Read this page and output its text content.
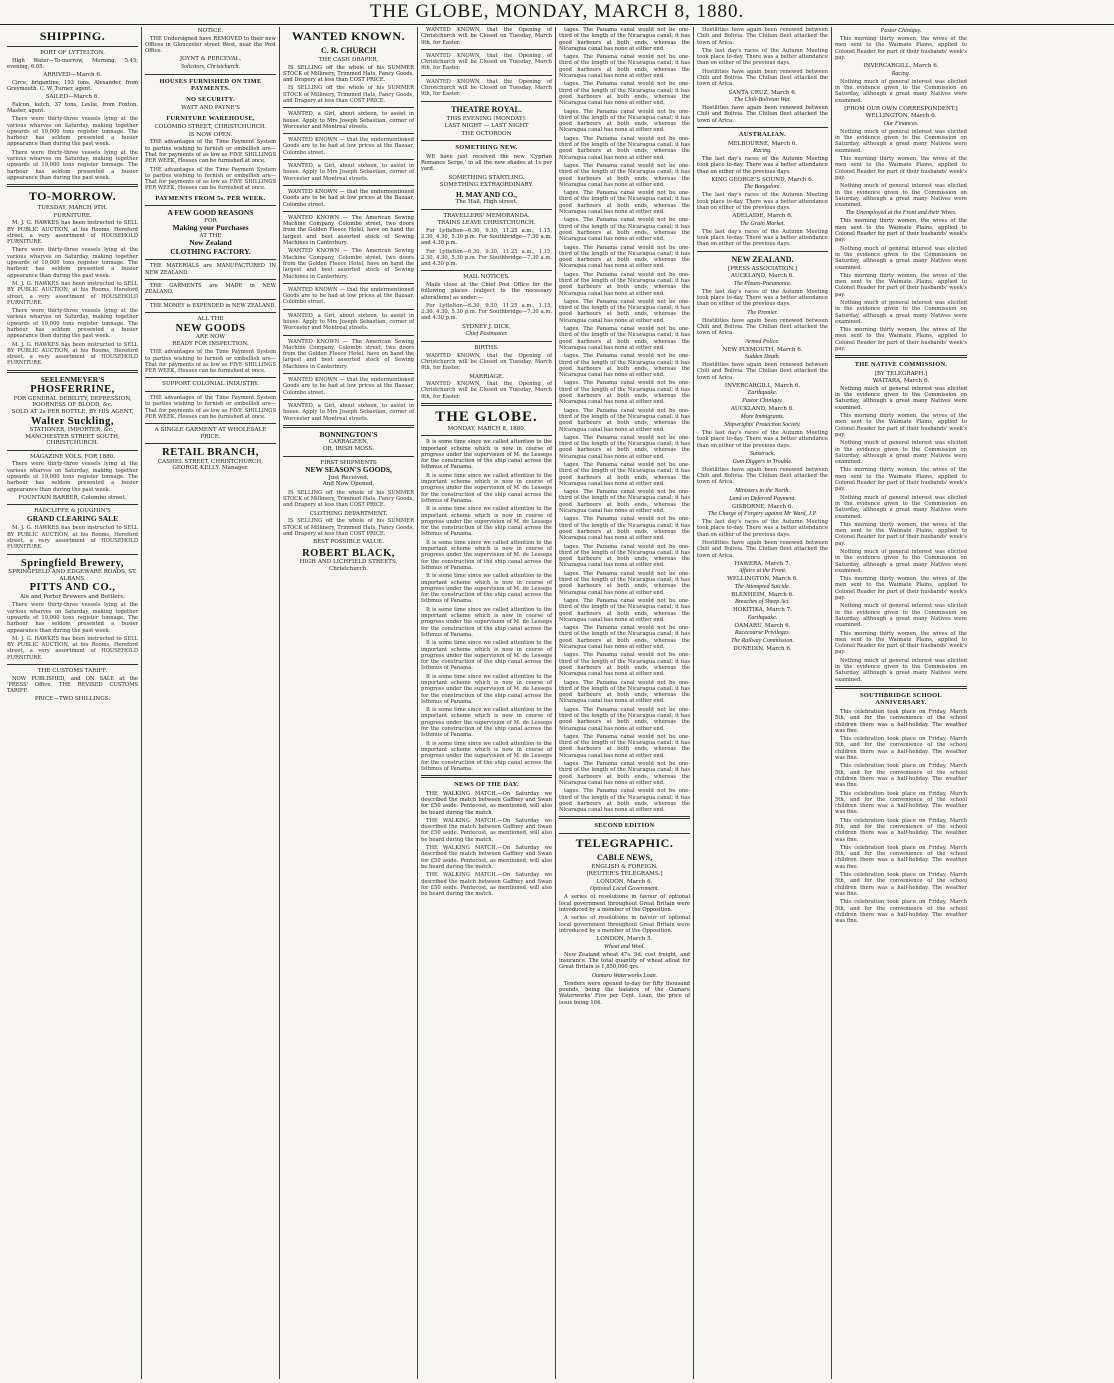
THE GLOBE, MONDAY, MARCH 8, 1880.
SHIPPING.
PORT OF LYTTELTON.

High Water—To-morrow, Morning, 5.45; evening, 6.05.

ARRIVED—March 6.

Circe, brigantine, 193 tons, Alexander, from Greymouth. C. W. Turner, agent.

SAILED—March 6.

Falcon, ketch, 37 tons, Leslie, from Foxton. Master, agent.

There were thirty-three vessels lying at the various wharves on Saturday, making together upwards of 19,000 tons register tonnage. The harbour has seldom presented a busier appearance than during the past week.

There were thirty-three vessels lying at the various wharves on Saturday, making together upwards of 19,000 tons register tonnage. The harbour has seldom presented a busier appearance than during the past week.

TO-MORROW.
TUESDAY, MARCH 9TH.
FURNITURE.

M. J. G. HAWKES has been instructed to SELL BY PUBLIC AUCTION, at his Rooms, Hereford street, a very assortment of HOUSEHOLD FURNITURE.

There were thirty-three vessels lying at the various wharves on Saturday, making together upwards of 19,000 tons register tonnage. The harbour has seldom presented a busier appearance than during the past week.

M. J. G. HAWKES has been instructed to SELL BY PUBLIC AUCTION, at his Rooms, Hereford street, a very assortment of HOUSEHOLD FURNITURE.

There were thirty-three vessels lying at the various wharves on Saturday, making together upwards of 19,000 tons register tonnage. The harbour has seldom presented a busier appearance than during the past week.

M. J. G. HAWKES has been instructed to SELL BY PUBLIC AUCTION, at his Rooms, Hereford street, a very assortment of HOUSEHOLD FURNITURE.

SEELENMEYER'S
PHOSFERRINE,
FOR GENERAL DEBILITY, DEPRESSION, POORNESS OF BLOOD, &c.
SOLD AT 2s PER BOTTLE, BY HIS AGENT,
Walter Suckling,
STATIONER, IMPORTER, &c., MANCHESTER STREET SOUTH, CHRISTCHURCH.
MAGAZINE VOLS. FOR 1880.

There were thirty-three vessels lying at the various wharves on Saturday, making together upwards of 19,000 tons register tonnage. The harbour has seldom presented a busier appearance than during the past week.

FOUNTAIN BARBER, Colombo street.
RADCLIFFE & JOUGHIN'S
GRAND CLEARING SALE

M. J. G. HAWKES has been instructed to SELL BY PUBLIC AUCTION, at his Rooms, Hereford street, a very assortment of HOUSEHOLD FURNITURE.

Springfield Brewery,
SPRINGFIELD AND EDGEWARE ROADS, ST. ALBANS.
PITTS AND CO.,
Ale and Porter Brewers and Bottlers.

There were thirty-three vessels lying at the various wharves on Saturday, making together upwards of 19,000 tons register tonnage. The harbour has seldom presented a busier appearance than during the past week.

M. J. G. HAWKES has been instructed to SELL BY PUBLIC AUCTION, at his Rooms, Hereford street, a very assortment of HOUSEHOLD FURNITURE.

THE CUSTOMS TARIFF.

NOW PUBLISHED, and ON SALE at the 'PRESS' Office, THE REVISED CUSTOMS TARIFF.

PRICE—TWO SHILLINGS.
NOTICE.

THE Undersigned have REMOVED to their new Offices in Gloucester street West, near the Post Office.

JOYNT & PERCEVAL,
Solicitors, Christchurch.
HOUSES FURNISHED ON TIME PAYMENTS.
NO SECURITY.
WATT AND PAYNE'S
FURNITURE WAREHOUSE,
COLOMBO STREET, CHRISTCHURCH.
IS NOW OPEN.

THE advantages of the Time Payment System to parties wishing to furnish or embellish are—That for payments of as low as FIVE SHILLINGS PER WEEK, Houses can be furnished at once.

THE advantages of the Time Payment System to parties wishing to furnish or embellish are—That for payments of as low as FIVE SHILLINGS PER WEEK, Houses can be furnished at once.

PAYMENTS FROM 5s. PER WEEK.
A FEW GOOD REASONS
FOR
Making your Purchases
AT THE
New Zealand
CLOTHING FACTORY.

THE MATERIALS are MANUFACTURED IN NEW ZEALAND.

THE GARMENTS are MADE in NEW ZEALAND.

THE MONEY is EXPENDED in NEW ZEALAND.

ALL THE
NEW GOODS
ARE NOW
READY FOR INSPECTION.

THE advantages of the Time Payment System to parties wishing to furnish or embellish are—That for payments of as low as FIVE SHILLINGS PER WEEK, Houses can be furnished at once.

SUPPORT COLONIAL INDUSTRY.

THE advantages of the Time Payment System to parties wishing to furnish or embellish are—That for payments of as low as FIVE SHILLINGS PER WEEK, Houses can be furnished at once.

A SINGLE GARMENT AT WHOLESALE PRICE.
RETAIL BRANCH,
CASHEL STREET, CHRISTCHURCH,
GEORGE KELLY, Manager.
WANTED KNOWN.
C. R. CHURCH
THE CASH DRAPER,

IS SELLING off the whole of his SUMMER STOCK of Millinery, Trimmed Hats, Fancy Goods, and Drapery at less than COST PRICE.

IS SELLING off the whole of his SUMMER STOCK of Millinery, Trimmed Hats, Fancy Goods, and Drapery at less than COST PRICE.

WANTED, a Girl, about sixteen, to assist in house. Apply to Mrs Joseph Sebastian, corner of Worcester and Montreal streets.

WANTED KNOWN — that the undermentioned Goods are to be had at low prices at the Bazaar, Colombo street.

WANTED, a Girl, about sixteen, to assist in house. Apply to Mrs Joseph Sebastian, corner of Worcester and Montreal streets.

WANTED KNOWN — that the undermentioned Goods are to be had at low prices at the Bazaar, Colombo street.

WANTED KNOWN — The American Sewing Machine Company, Colombo street, two doors from the Golden Fleece Hotel, have on hand the largest and best assorted stock of Sewing Machines in Canterbury.

WANTED KNOWN — The American Sewing Machine Company, Colombo street, two doors from the Golden Fleece Hotel, have on hand the largest and best assorted stock of Sewing Machines in Canterbury.

WANTED KNOWN — that the undermentioned Goods are to be had at low prices at the Bazaar, Colombo street.

WANTED, a Girl, about sixteen, to assist in house. Apply to Mrs Joseph Sebastian, corner of Worcester and Montreal streets.

WANTED KNOWN — The American Sewing Machine Company, Colombo street, two doors from the Golden Fleece Hotel, have on hand the largest and best assorted stock of Sewing Machines in Canterbury.

WANTED KNOWN — that the undermentioned Goods are to be had at low prices at the Bazaar, Colombo street.

WANTED, a Girl, about sixteen, to assist in house. Apply to Mrs Joseph Sebastian, corner of Worcester and Montreal streets.

BONNINGTON'S
CARRAGEEN,
OR, IRISH MOSS.
FIRST SHIPMENTS
NEW SEASON'S GOODS,
Just Received,
And Now Opened,

IS SELLING off the whole of his SUMMER STOCK of Millinery, Trimmed Hats, Fancy Goods, and Drapery at less than COST PRICE.

CLOTHING DEPARTMENT.

IS SELLING off the whole of his SUMMER STOCK of Millinery, Trimmed Hats, Fancy Goods, and Drapery at less than COST PRICE.

BEST POSSIBLE VALUE.
ROBERT BLACK,
HIGH AND LICHFIELD STREETS, Christchurch.

WANTED KNOWN, that the Opening of Christchurch will be Closed on Tuesday, March 9th, for Easter.

WANTED KNOWN, that the Opening of Christchurch will be Closed on Tuesday, March 9th, for Easter.

WANTED KNOWN, that the Opening of Christchurch will be Closed on Tuesday, March 9th, for Easter.

THEATRE ROYAL.
THIS EVENING (MONDAY).
LAST NIGHT — LAST NIGHT
THE OCTOROON
SOMETHING NEW.

WE have just received the new 'Cyprian Romance Serge,' in all the new shades at 1s per yard.

SOMETHING STARTLING.
SOMETHING EXTRAORDINARY.
H. MAY AND CO.,
The Hall, High street.
TRAVELLERS' MEMORANDA.
TRAINS LEAVE CHRISTCHURCH.

For Lyttelton—6.30, 9.30, 11.25 a.m., 1.15, 2.30, 4.30, 5.30 p.m. For Southbridge—7.30 a.m. and 4.30 p.m.

For Lyttelton—6.30, 9.30, 11.25 a.m., 1.15, 2.30, 4.30, 5.30 p.m. For Southbridge—7.30 a.m. and 4.30 p.m.

MAIL NOTICES.

Mails close at the Chief Post Office for the following places (subject to the necessary alterations) as under:—

For Lyttelton—6.30, 9.30, 11.25 a.m., 1.15, 2.30, 4.30, 5.30 p.m. For Southbridge—7.30 a.m. and 4.30 p.m.

SYDNEY J. DICK,
Chief Postmaster.
BIRTHS.

WANTED KNOWN, that the Opening of Christchurch will be Closed on Tuesday, March 9th, for Easter.

MARRIAGE.

WANTED KNOWN, that the Opening of Christchurch will be Closed on Tuesday, March 9th, for Easter.

THE GLOBE.
MONDAY, MARCH 8, 1880.

It is some time since we called attention to the important scheme which is now in course of progress under the supervision of M. de Lesseps for the construction of the ship canal across the Isthmus of Panama.

It is some time since we called attention to the important scheme which is now in course of progress under the supervision of M. de Lesseps for the construction of the ship canal across the Isthmus of Panama.

It is some time since we called attention to the important scheme which is now in course of progress under the supervision of M. de Lesseps for the construction of the ship canal across the Isthmus of Panama.

It is some time since we called attention to the important scheme which is now in course of progress under the supervision of M. de Lesseps for the construction of the ship canal across the Isthmus of Panama.

It is some time since we called attention to the important scheme which is now in course of progress under the supervision of M. de Lesseps for the construction of the ship canal across the Isthmus of Panama.

It is some time since we called attention to the important scheme which is now in course of progress under the supervision of M. de Lesseps for the construction of the ship canal across the Isthmus of Panama.

It is some time since we called attention to the important scheme which is now in course of progress under the supervision of M. de Lesseps for the construction of the ship canal across the Isthmus of Panama.

It is some time since we called attention to the important scheme which is now in course of progress under the supervision of M. de Lesseps for the construction of the ship canal across the Isthmus of Panama.

It is some time since we called attention to the important scheme which is now in course of progress under the supervision of M. de Lesseps for the construction of the ship canal across the Isthmus of Panama.

It is some time since we called attention to the important scheme which is now in course of progress under the supervision of M. de Lesseps for the construction of the ship canal across the Isthmus of Panama.

NEWS OF THE DAY.

THE WALKING MATCH.—On Saturday we described the match between Gaffney and Swan for £50 aside. Pentecost, as mentioned, will also be heard during the match.

THE WALKING MATCH.—On Saturday we described the match between Gaffney and Swan for £50 aside. Pentecost, as mentioned, will also be heard during the match.

THE WALKING MATCH.—On Saturday we described the match between Gaffney and Swan for £50 aside. Pentecost, as mentioned, will also be heard during the match.

THE WALKING MATCH.—On Saturday we described the match between Gaffney and Swan for £50 aside. Pentecost, as mentioned, will also be heard during the match.

tages. The Panama canal would not be one-third of the length of the Nicaragua canal; it has good harbours at both ends, whereas the Nicaragua canal has none at either end.

tages. The Panama canal would not be one-third of the length of the Nicaragua canal; it has good harbours at both ends, whereas the Nicaragua canal has none at either end.

tages. The Panama canal would not be one-third of the length of the Nicaragua canal; it has good harbours at both ends, whereas the Nicaragua canal has none at either end.

tages. The Panama canal would not be one-third of the length of the Nicaragua canal; it has good harbours at both ends, whereas the Nicaragua canal has none at either end.

tages. The Panama canal would not be one-third of the length of the Nicaragua canal; it has good harbours at both ends, whereas the Nicaragua canal has none at either end.

tages. The Panama canal would not be one-third of the length of the Nicaragua canal; it has good harbours at both ends, whereas the Nicaragua canal has none at either end.

tages. The Panama canal would not be one-third of the length of the Nicaragua canal; it has good harbours at both ends, whereas the Nicaragua canal has none at either end.

tages. The Panama canal would not be one-third of the length of the Nicaragua canal; it has good harbours at both ends, whereas the Nicaragua canal has none at either end.

tages. The Panama canal would not be one-third of the length of the Nicaragua canal; it has good harbours at both ends, whereas the Nicaragua canal has none at either end.

tages. The Panama canal would not be one-third of the length of the Nicaragua canal; it has good harbours at both ends, whereas the Nicaragua canal has none at either end.

tages. The Panama canal would not be one-third of the length of the Nicaragua canal; it has good harbours at both ends, whereas the Nicaragua canal has none at either end.

tages. The Panama canal would not be one-third of the length of the Nicaragua canal; it has good harbours at both ends, whereas the Nicaragua canal has none at either end.

tages. The Panama canal would not be one-third of the length of the Nicaragua canal; it has good harbours at both ends, whereas the Nicaragua canal has none at either end.

tages. The Panama canal would not be one-third of the length of the Nicaragua canal; it has good harbours at both ends, whereas the Nicaragua canal has none at either end.

tages. The Panama canal would not be one-third of the length of the Nicaragua canal; it has good harbours at both ends, whereas the Nicaragua canal has none at either end.

tages. The Panama canal would not be one-third of the length of the Nicaragua canal; it has good harbours at both ends, whereas the Nicaragua canal has none at either end.

tages. The Panama canal would not be one-third of the length of the Nicaragua canal; it has good harbours at both ends, whereas the Nicaragua canal has none at either end.

tages. The Panama canal would not be one-third of the length of the Nicaragua canal; it has good harbours at both ends, whereas the Nicaragua canal has none at either end.

tages. The Panama canal would not be one-third of the length of the Nicaragua canal; it has good harbours at both ends, whereas the Nicaragua canal has none at either end.

tages. The Panama canal would not be one-third of the length of the Nicaragua canal; it has good harbours at both ends, whereas the Nicaragua canal has none at either end.

tages. The Panama canal would not be one-third of the length of the Nicaragua canal; it has good harbours at both ends, whereas the Nicaragua canal has none at either end.

tages. The Panama canal would not be one-third of the length of the Nicaragua canal; it has good harbours at both ends, whereas the Nicaragua canal has none at either end.

tages. The Panama canal would not be one-third of the length of the Nicaragua canal; it has good harbours at both ends, whereas the Nicaragua canal has none at either end.

tages. The Panama canal would not be one-third of the length of the Nicaragua canal; it has good harbours at both ends, whereas the Nicaragua canal has none at either end.

tages. The Panama canal would not be one-third of the length of the Nicaragua canal; it has good harbours at both ends, whereas the Nicaragua canal has none at either end.

tages. The Panama canal would not be one-third of the length of the Nicaragua canal; it has good harbours at both ends, whereas the Nicaragua canal has none at either end.

tages. The Panama canal would not be one-third of the length of the Nicaragua canal; it has good harbours at both ends, whereas the Nicaragua canal has none at either end.

tages. The Panama canal would not be one-third of the length of the Nicaragua canal; it has good harbours at both ends, whereas the Nicaragua canal has none at either end.

tages. The Panama canal would not be one-third of the length of the Nicaragua canal; it has good harbours at both ends, whereas the Nicaragua canal has none at either end.

SECOND EDITION
TELEGRAPHIC.
CABLE NEWS,
ENGLISH & FOREIGN.
[REUTER'S TELEGRAMS.]
LONDON, March 6.
Optional Local Government.

A series of resolutions in favour of optional local government throughout Great Britain were introduced by a member of the Opposition.

A series of resolutions in favour of optional local government throughout Great Britain were introduced by a member of the Opposition.

LONDON, March 5.
Wheat and Wool.

New Zealand wheat 47s. 9d. cost freight, and insurance. The total quantity of wheat afloat for Great Britain is 1,850,000 qrs.

Oamaru Waterworks Loan.

Tenders were opened to-day for fifty thousand pounds, being the balance of the Oamaru Waterworks' Five per Cent. Loan, the price of issue being 104.

Hostilities have again been renewed between Chili and Bolivia. The Chilian fleet attacked the town of Arica.

The last day's races of the Autumn Meeting took place to-day. There was a better attendance than on either of the previous days.

Hostilities have again been renewed between Chili and Bolivia. The Chilian fleet attacked the town of Arica.

SANTA CRUZ, March 6.
The Chili-Bolivian War.

Hostilities have again been renewed between Chili and Bolivia. The Chilian fleet attacked the town of Arica.

AUSTRALIAN.
MELBOURNE, March 6.
Racing.

The last day's races of the Autumn Meeting took place to-day. There was a better attendance than on either of the previous days.

KING GEORGE'S SOUND, March 6.
The Bangalore.

The last day's races of the Autumn Meeting took place to-day. There was a better attendance than on either of the previous days.

ADELAIDE, March 6.
The Grain Market.

The last day's races of the Autumn Meeting took place to-day. There was a better attendance than on either of the previous days.

NEW ZEALAND.
[PRESS ASSOCIATION.]
AUCKLAND, March 6.
The Pleuro-Pneumonia.

The last day's races of the Autumn Meeting took place to-day. There was a better attendance than on either of the previous days.

The Premier.

Hostilities have again been renewed between Chili and Bolivia. The Chilian fleet attacked the town of Arica.

Armed Police.
NEW PLYMOUTH, March 6.
Sudden Death.

Hostilities have again been renewed between Chili and Bolivia. The Chilian fleet attacked the town of Arica.

INVERCARGILL, March 6.
Earthquake.
Pastor Chiniquy.
AUCKLAND, March 6.
More Immigrants.
Shipwrights' Protection Society.

The last day's races of the Autumn Meeting took place to-day. There was a better attendance than on either of the previous days.

Sunstruck.
Gum Diggers in Trouble.

Hostilities have again been renewed between Chili and Bolivia. The Chilian fleet attacked the town of Arica.

Ministers in the North.
Land on Deferred Payment.
GISBORNE, March 6.
The Charge of Forgery against Mr Ward, J.P.

The last day's races of the Autumn Meeting took place to-day. There was a better attendance than on either of the previous days.

Hostilities have again been renewed between Chili and Bolivia. The Chilian fleet attacked the town of Arica.

HAWERA, March 7.
Affairs at the Front.
WELLINGTON, March 6.
The Attempted Suicide.
BLENHEIM, March 6.
Breaches of Sheep Act.
HOKITIKA, March 7.
Earthquake.
OAMARU, March 6.
Racecourse Privileges.
The Railway Commission.
DUNEDIN, March 6.
Pastor Chiniquy.

This morning thirty women, the wives of the men sent to the Waimate Plains, applied to Colonel Reader for part of their husbands' week's pay.

INVERCARGILL, March 6.
Racing.

Nothing much of general interest was elicited in the evidence given to the Commission on Saturday, although a great many Natives were examined.

[FROM OUR OWN CORRESPONDENT.]
WELLINGTON, March 6.
Our Finances.

Nothing much of general interest was elicited in the evidence given to the Commission on Saturday, although a great many Natives were examined.

This morning thirty women, the wives of the men sent to the Waimate Plains, applied to Colonel Reader for part of their husbands' week's pay.

Nothing much of general interest was elicited in the evidence given to the Commission on Saturday, although a great many Natives were examined.

The Unemployed at the Front and their Wives.

This morning thirty women, the wives of the men sent to the Waimate Plains, applied to Colonel Reader for part of their husbands' week's pay.

Nothing much of general interest was elicited in the evidence given to the Commission on Saturday, although a great many Natives were examined.

This morning thirty women, the wives of the men sent to the Waimate Plains, applied to Colonel Reader for part of their husbands' week's pay.

Nothing much of general interest was elicited in the evidence given to the Commission on Saturday, although a great many Natives were examined.

This morning thirty women, the wives of the men sent to the Waimate Plains, applied to Colonel Reader for part of their husbands' week's pay.

THE NATIVE COMMISSION.
[BY TELEGRAPH.]
WAITARA, March 6.

Nothing much of general interest was elicited in the evidence given to the Commission on Saturday, although a great many Natives were examined.

This morning thirty women, the wives of the men sent to the Waimate Plains, applied to Colonel Reader for part of their husbands' week's pay.

Nothing much of general interest was elicited in the evidence given to the Commission on Saturday, although a great many Natives were examined.

This morning thirty women, the wives of the men sent to the Waimate Plains, applied to Colonel Reader for part of their husbands' week's pay.

Nothing much of general interest was elicited in the evidence given to the Commission on Saturday, although a great many Natives were examined.

This morning thirty women, the wives of the men sent to the Waimate Plains, applied to Colonel Reader for part of their husbands' week's pay.

Nothing much of general interest was elicited in the evidence given to the Commission on Saturday, although a great many Natives were examined.

This morning thirty women, the wives of the men sent to the Waimate Plains, applied to Colonel Reader for part of their husbands' week's pay.

Nothing much of general interest was elicited in the evidence given to the Commission on Saturday, although a great many Natives were examined.

This morning thirty women, the wives of the men sent to the Waimate Plains, applied to Colonel Reader for part of their husbands' week's pay.

Nothing much of general interest was elicited in the evidence given to the Commission on Saturday, although a great many Natives were examined.

SOUTHBRIDGE SCHOOL ANNIVERSARY.

This celebration took place on Friday, March 5th, and for the convenience of the school children there was a half-holiday. The weather was fine.

This celebration took place on Friday, March 5th, and for the convenience of the school children there was a half-holiday. The weather was fine.

This celebration took place on Friday, March 5th, and for the convenience of the school children there was a half-holiday. The weather was fine.

This celebration took place on Friday, March 5th, and for the convenience of the school children there was a half-holiday. The weather was fine.

This celebration took place on Friday, March 5th, and for the convenience of the school children there was a half-holiday. The weather was fine.

This celebration took place on Friday, March 5th, and for the convenience of the school children there was a half-holiday. The weather was fine.

This celebration took place on Friday, March 5th, and for the convenience of the school children there was a half-holiday. The weather was fine.

This celebration took place on Friday, March 5th, and for the convenience of the school children there was a half-holiday. The weather was fine.
